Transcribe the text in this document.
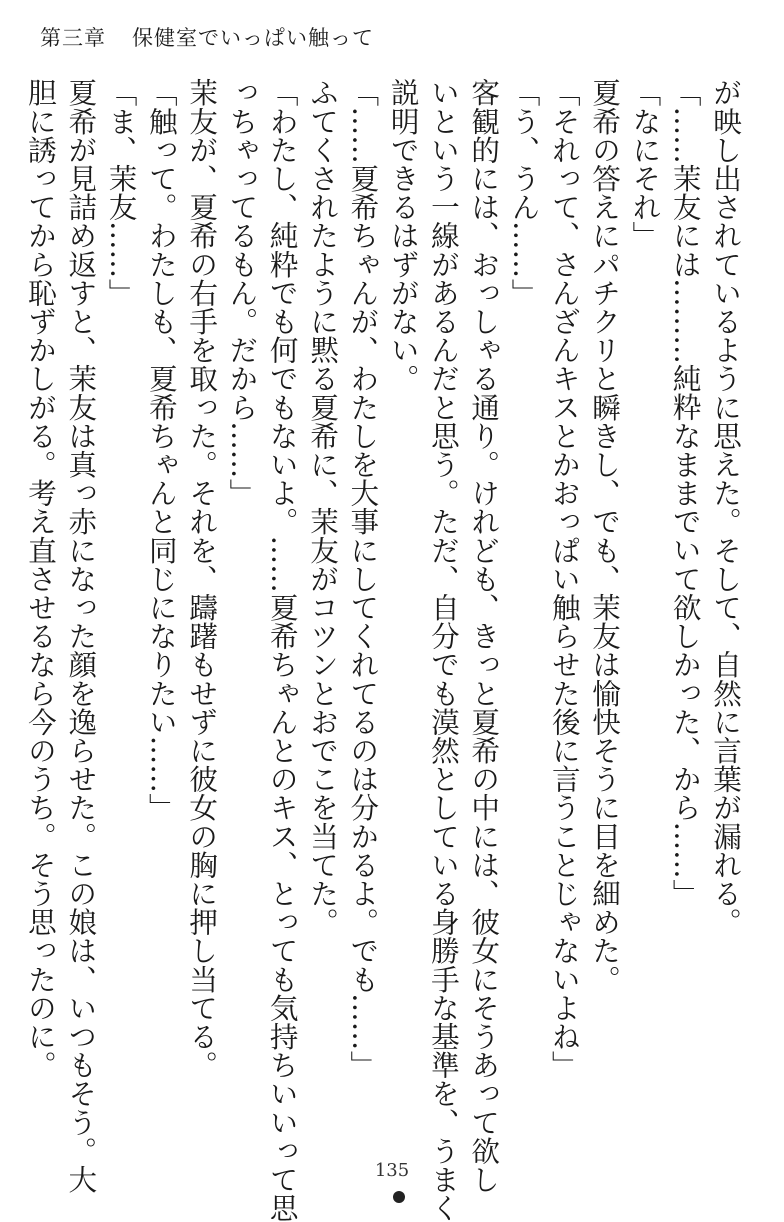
第三章 保健室でいっぱい触って

が映し出されているように思えた。そして、自然に言葉が漏れる。

「……茉友には………純粋なままでいて欲しかった、から……」

「なにそれ」

夏希の答えにパチクリと瞬きし、でも、茉友は愉快そうに目を細めた。

「それって、さんざんキスとかおっぱい触らせた後に言うことじゃないよね」

「う、うん……」

客観的には、おっしゃる通り。けれども、きっと夏希の中には、彼女にそうあって欲し

いという一線があるんだと思う。ただ、自分でも漠然としている身勝手な基準を、うまく

説明できるはずがない。

「……夏希ちゃんが、わたしを大事にしてくれてるのは分かるよ。でも……」

ふてくされたように黙る夏希に、茉友がコツンとおでこを当てた。

「わたし、純粋でも何でもないよ。……夏希ちゃんとのキス、とっても気持ちいいって思

っちゃってるもん。だから……」

茉友が、夏希の右手を取った。それを、躊躇もせずに彼女の胸に押し当てる。

「触って。わたしも、夏希ちゃんと同じになりたい……」

「ま、茉友……」

夏希が見詰め返すと、茉友は真っ赤になった顔を逸らせた。この娘は、いつもそう。大

胆に誘ってから恥ずかしがる。考え直させるなら今のうち。そう思ったのに。

135
